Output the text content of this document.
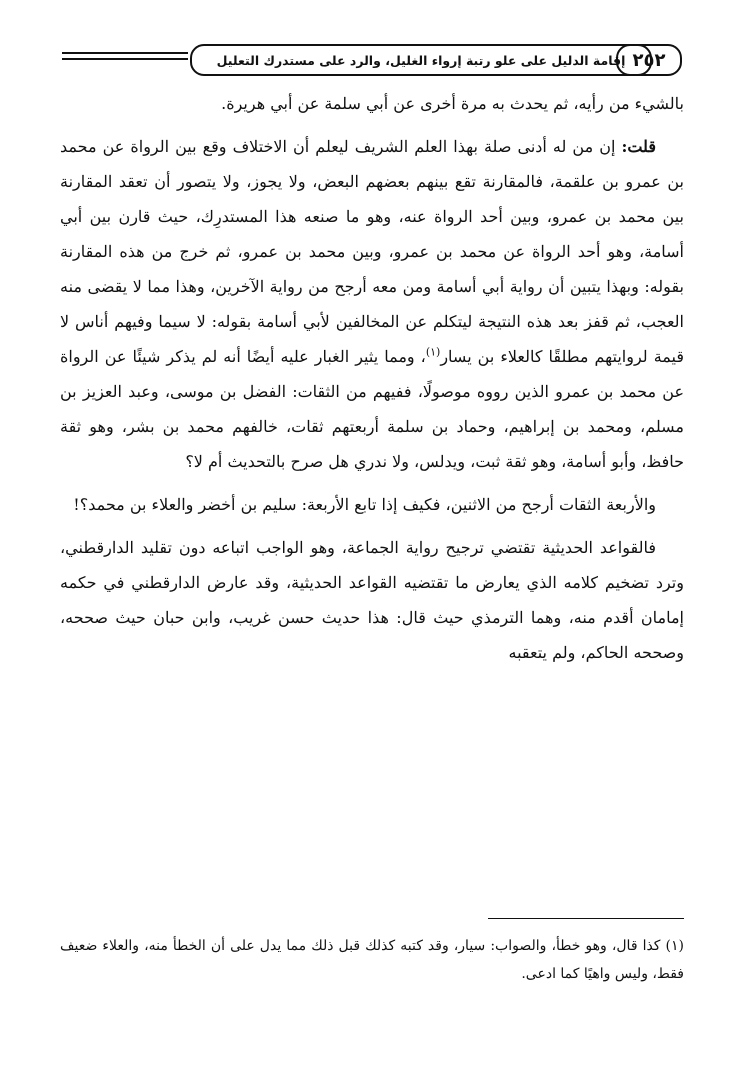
إقامة الدليل على علو رتبة إرواء الغليل، والرد على مستدرك التعليل ٢٥٢

بالشيء من رأيه، ثم يحدث به مرة أخرى عن أبي سلمة عن أبي هريرة.

قلت: إن من له أدنى صلة بهذا العلم الشريف ليعلم أن الاختلاف وقع بين الرواة عن محمد بن عمرو بن علقمة، فالمقارنة تقع بينهم بعضهم البعض، ولا يجوز، ولا يتصور أن تعقد المقارنة بين محمد بن عمرو، وبين أحد الرواة عنه، وهو ما صنعه هذا المستدرِك، حيث قارن بين أبي أسامة، وهو أحد الرواة عن محمد بن عمرو، وبين محمد بن عمرو، ثم خرج من هذه المقارنة بقوله: وبهذا يتبين أن رواية أبي أسامة ومن معه أرجح من رواية الآخرين، وهذا مما لا يقضى منه العجب، ثم قفز بعد هذه النتيجة ليتكلم عن المخالفين لأبي أسامة بقوله: لا سيما وفيهم أناس لا قيمة لروايتهم مطلقًا كالعلاء بن يسار$^{(١)}$، ومما يثير الغبار عليه أيضًا أنه لم يذكر شيئًا عن الرواة عن محمد بن عمرو الذين رووه موصولًا، ففيهم من الثقات: الفضل بن موسى، وعبد العزيز بن مسلم، ومحمد بن إبراهيم، وحماد بن سلمة أربعتهم ثقات، خالفهم محمد بن بشر، وهو ثقة حافظ، وأبو أسامة، وهو ثقة ثبت، ويدلس، ولا ندري هل صرح بالتحديث أم لا؟

والأربعة الثقات أرجح من الاثنين، فكيف إذا تابع الأربعة: سليم بن أخضر والعلاء بن محمد؟!

فالقواعد الحديثية تقتضي ترجيح رواية الجماعة، وهو الواجب اتباعه دون تقليد الدارقطني، وترد تضخيم كلامه الذي يعارض ما تقتضيه القواعد الحديثية، وقد عارض الدارقطني في حكمه إمامان أقدم منه، وهما الترمذي حيث قال: هذا حديث حسن غريب، وابن حبان حيث صححه، وصححه الحاكم، ولم يتعقبه

(١) كذا قال، وهو خطأ، والصواب: سيار، وقد كتبه كذلك قبل ذلك مما يدل على أن الخطأ منه، والعلاء ضعيف فقط، وليس واهيًا كما ادعى.
